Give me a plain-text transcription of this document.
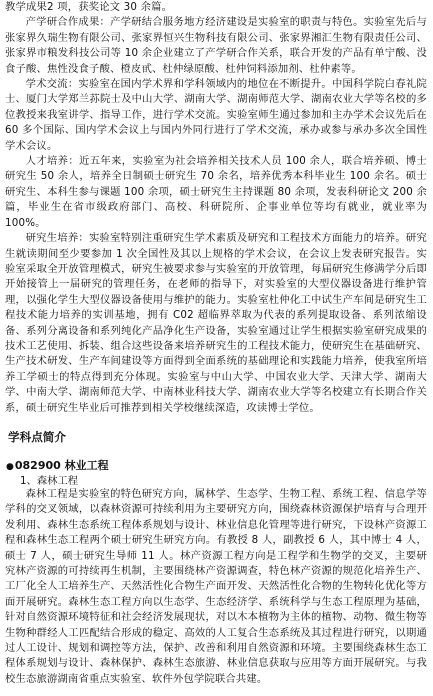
教学成果2 项，获奖论文 30 余篇。

产学研合作成果：产学研结合服务地方经济建设是实验室的职责与特色。实验室先后与张家界久瑞生物有限公司、张家界恒兴生物科技有限公司、张家界湘汇生物有限责任公司、张家界市粮发科技公司等 10 余企业建立了产学研合作关系，联合开发的产品有单宁酸、没食子酸、焦性没食子酸、橙皮甙、杜仲绿原酸、杜仲饲料添加剂、杜仲素等。

学术交流：实验室在国内学术界和学科领域内的地位在不断提升。中国科学院白春礼院士、厦门大学郑兰荪院士及中山大学、湖南大学、湖南师范大学、湖南农业大学等名校的多位教授来我室讲学、指导工作，进行学术交流。实验室师生通过参加和主办学术会议先后在 60 多个国际、国内学术会议上与国内外同行进行了学术交流，承办或参与承办多次全国性学术会议。

人才培养：近五年来，实验室为社会培养相关技术人员 100 余人，联合培养硕、博士研究生 50 余人，培养全日制硕士研究生 70 余名，培养优秀本科毕业生 100 余名。硕士研究生、本科生参与课题 100 余项，硕士研究生主持课题 80 余项，发表科研论文 200 余篇，毕业生在省市级政府部门、高校、科研院所、企事业单位等均有就业，就业率为 100%。

研究生培养：实验室特别注重研究生学术素质及研究和工程技术方面能力的培养。研究生就读期间至少要参加 1 次全国性及其以上规格的学术会议，在会议上发表研究报告。实验室采取全开放管理模式，研究生被要求参与实验室的开放管理，每届研究生修满学分后即开始接管上一届研究的管理任务，在老师的指导下，对实验室的大型仪器设备进行维护管理，以强化学生大型仪器设备使用与维护的能力。实验室杜仲化工中试生产车间是研究生工程技术能力培养的实训基地，拥有 C02 超临界萃取为代表的系列提取设备、系列浓缩设备、系列分离设备和系列纯化产品净化生产设备，实验室通过让学生根据实验室研究成果的技术工艺使用、拆装、组合这些设备来培养研究生的工程技术能力，使研究生在基础研究、生产技术研发、生产车间建设等方面得到全面系统的基础理论和实践能力培养，使我室所培养工学硕士的特点得到充分体现。实验室与中山大学、中国农业大学、天津大学、湖南大学、中南大学、湖南师范大学、中南林业科技大学、湖南农业大学等名校建立有长期合作关系，硕士研究生毕业后可推荐到相关学校继续深造，攻读博士学位。

学科点简介
●082900 林业工程
1、森林工程

森林工程是实验室的特色研究方向，属林学、生态学、生物工程、系统工程、信息学等学科的交叉领域，以森林资源可持续利用为主要研究方向，围绕森林资源保护培育与合理开发利用、森林生态系统工程体系规划与设计、林业信息化管理等进行研究，下设林产资源工程和森林生态工程两个硕士研究生研究方向。有教授 8 人，副教授 6 人，其中博士 4 人，硕士 7 人，硕士研究生导师 11 人。林产资源工程方向是工程学和生物学的交叉，主要研究林产资源的可持续再生机制，主要围绕林产资源调查，特色林产资源的规范化培养生产、工厂化全人工培养生产、天然活性化合物生产面开发、天然活性化合物的生物转化优化等方面开展研究。森林生态工程方向以生态学、生态经济学、系统科学与生态工程原理为基础，针对自然资源环境特征和社会经济发展现状，对以木本植物为主体的植物、动物、微生物等生物种群经人工匹配结合形成的稳定、高效的人工复合生态系统及其过程进行研究，以期通过人工设计、规划和调控等方法，保护、改善和利用自然资源和环境。主要围绕森林生态工程体系规划与设计、森林保护、森林生态旅游、林业信息获取与应用等方面开展研究。与我校生态旅游湖南省重点实验室、软件外包学院联合共建。
